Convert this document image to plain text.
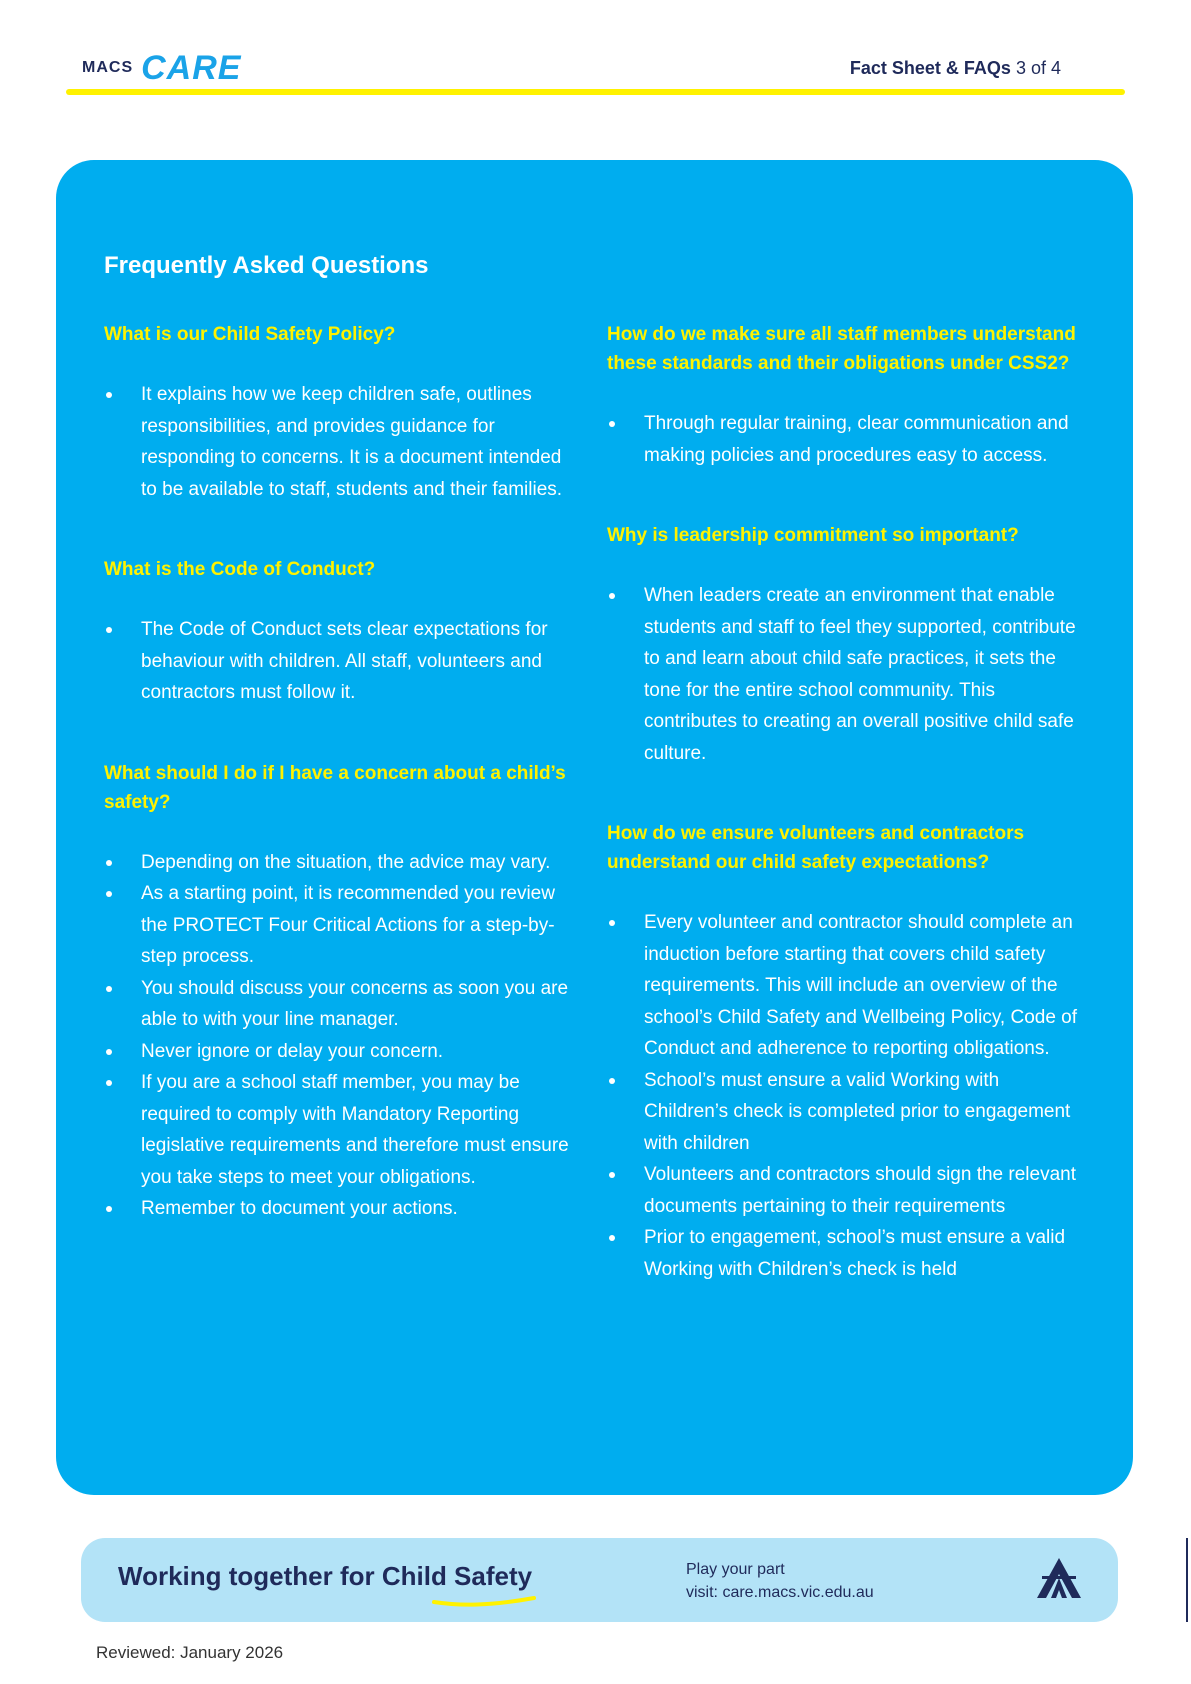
MACS CARE	Fact Sheet & FAQs 3 of 4
Frequently Asked Questions
What is our Child Safety Policy?
It explains how we keep children safe, outlines responsibilities, and provides guidance for responding to concerns. It is a document intended to be available to staff, students and their families.
What is the Code of Conduct?
The Code of Conduct sets clear expectations for behaviour with children. All staff, volunteers and contractors must follow it.
What should I do if I have a concern about a child’s safety?
Depending on the situation, the advice may vary.
As a starting point, it is recommended you review the PROTECT Four Critical Actions for a step-by-step process.
You should discuss your concerns as soon you are able to with your line manager.
Never ignore or delay your concern.
If you are a school staff member, you may be required to comply with Mandatory Reporting legislative requirements and therefore must ensure you take steps to meet your obligations.
Remember to document your actions.
How do we make sure all staff members understand these standards and their obligations under CSS2?
Through regular training, clear communication and making policies and procedures easy to access.
Why is leadership commitment so important?
When leaders create an environment that enable students and staff to feel they supported, contribute to and learn about child safe practices, it sets the tone for the entire school community. This contributes to creating an overall positive child safe culture.
How do we ensure volunteers and contractors understand our child safety expectations?
Every volunteer and contractor should complete an induction before starting that covers child safety requirements. This will include an overview of the school’s Child Safety and Wellbeing Policy, Code of Conduct and adherence to reporting obligations.
School’s must ensure a valid Working with Children’s check is completed prior to engagement with children
Volunteers and contractors should sign the relevant documents pertaining to their requirements
Prior to engagement, school’s must ensure a valid Working with Children’s check is held
Working together for Child Safety	Play your part
visit: care.macs.vic.edu.au
Reviewed: January 2026
